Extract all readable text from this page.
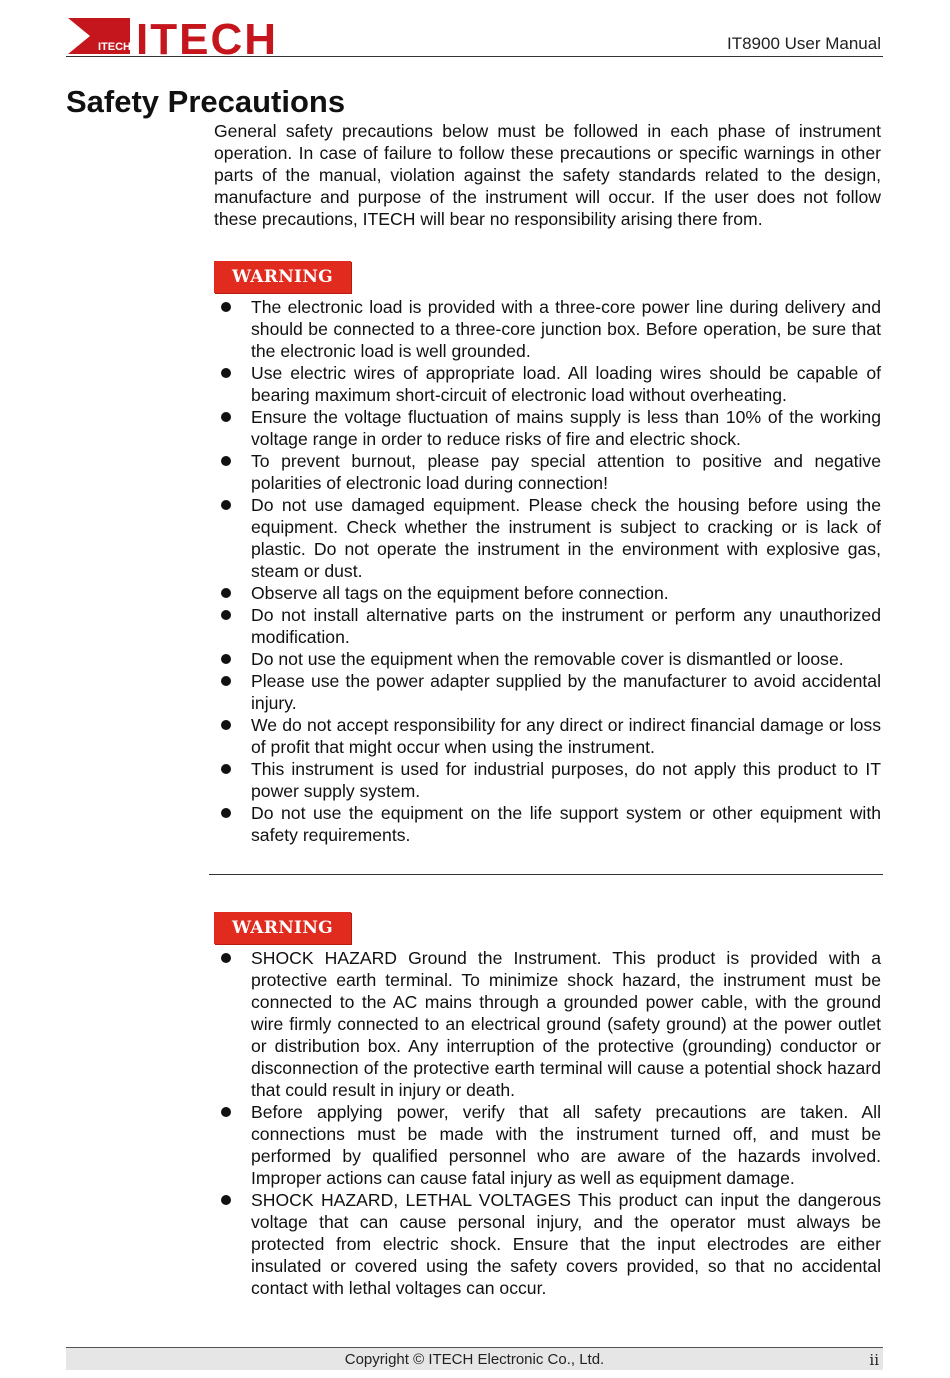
ITECH ITECH	IT8900 User Manual
Safety Precautions

General safety precautions below must be followed in each phase of instrument operation. In case of failure to follow these precautions or specific warnings in other parts of the manual, violation against the safety standards related to the design, manufacture and purpose of the instrument will occur. If the user does not follow these precautions, ITECH will bear no responsibility arising there from.

WARNING
The electronic load is provided with a three-core power line during delivery and should be connected to a three-core junction box. Before operation, be sure that the electronic load is well grounded.
Use electric wires of appropriate load. All loading wires should be capable of bearing maximum short-circuit of electronic load without overheating.
Ensure the voltage fluctuation of mains supply is less than 10% of the working voltage range in order to reduce risks of fire and electric shock.
To prevent burnout, please pay special attention to positive and negative polarities of electronic load during connection!
Do not use damaged equipment. Please check the housing before using the equipment. Check whether the instrument is subject to cracking or is lack of plastic. Do not operate the instrument in the environment with explosive gas, steam or dust.
Observe all tags on the equipment before connection.
Do not install alternative parts on the instrument or perform any unauthorized modification.
Do not use the equipment when the removable cover is dismantled or loose.
Please use the power adapter supplied by the manufacturer to avoid accidental injury.
We do not accept responsibility for any direct or indirect financial damage or loss of profit that might occur when using the instrument.
This instrument is used for industrial purposes, do not apply this product to IT power supply system.
Do not use the equipment on the life support system or other equipment with safety requirements.
WARNING
SHOCK HAZARD Ground the Instrument. This product is provided with a protective earth terminal. To minimize shock hazard, the instrument must be connected to the AC mains through a grounded power cable, with the ground wire firmly connected to an electrical ground (safety ground) at the power outlet or distribution box. Any interruption of the protective (grounding) conductor or disconnection of the protective earth terminal will cause a potential shock hazard that could result in injury or death.
Before applying power, verify that all safety precautions are taken. All connections must be made with the instrument turned off, and must be performed by qualified personnel who are aware of the hazards involved. Improper actions can cause fatal injury as well as equipment damage.
SHOCK HAZARD, LETHAL VOLTAGES This product can input the dangerous voltage that can cause personal injury, and the operator must always be protected from electric shock. Ensure that the input electrodes are either insulated or covered using the safety covers provided, so that no accidental contact with lethal voltages can occur.
Copyright © ITECH Electronic Co., Ltd.	ii
